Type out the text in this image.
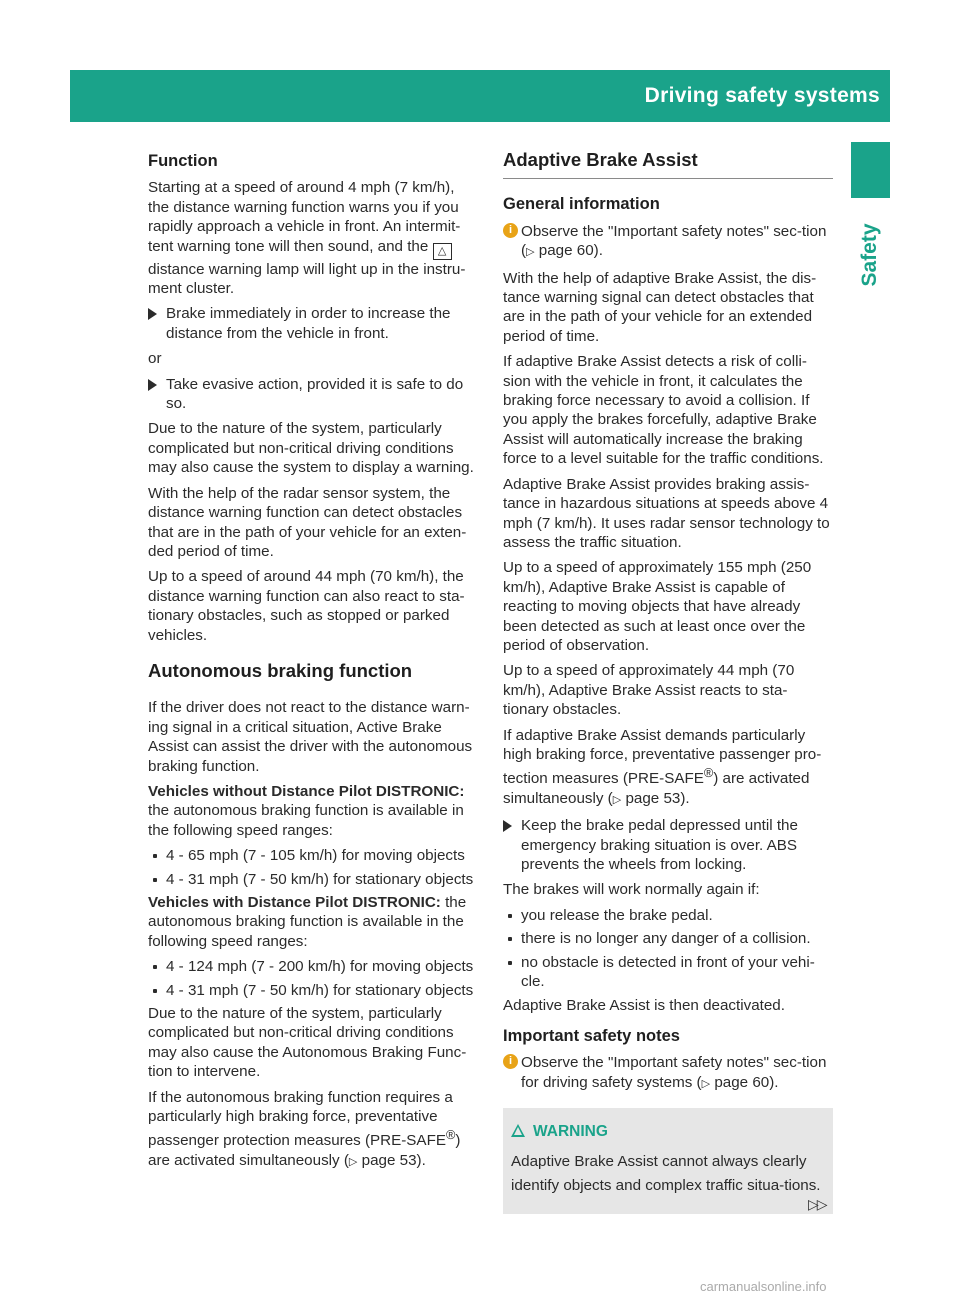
Driving safety systems	63
Safety
Function

Starting at a speed of around 4 mph (7 km/h), the distance warning function warns you if you rapidly approach a vehicle in front. An intermit-tent warning tone will then sound, and the △ distance warning lamp will light up in the instru-ment cluster.

Brake immediately in order to increase the distance from the vehicle in front.
or
Take evasive action, provided it is safe to do so.

Due to the nature of the system, particularly complicated but non-critical driving conditions may also cause the system to display a warning.

With the help of the radar sensor system, the distance warning function can detect obstacles that are in the path of your vehicle for an exten-ded period of time.

Up to a speed of around 44 mph (70 km/h), the distance warning function can also react to sta-tionary obstacles, such as stopped or parked vehicles.

Autonomous braking function

If the driver does not react to the distance warn-ing signal in a critical situation, Active Brake Assist can assist the driver with the autonomous braking function.

Vehicles without Distance Pilot DISTRONIC: the autonomous braking function is available in the following speed ranges:

4 - 65 mph (7 - 105 km/h) for moving objects
4 - 31 mph (7 - 50 km/h) for stationary objects

Vehicles with Distance Pilot DISTRONIC: the autonomous braking function is available in the following speed ranges:

4 - 124 mph (7 - 200 km/h) for moving objects
4 - 31 mph (7 - 50 km/h) for stationary objects

Due to the nature of the system, particularly complicated but non-critical driving conditions may also cause the Autonomous Braking Func-tion to intervene.

If the autonomous braking function requires a particularly high braking force, preventative passenger protection measures (PRE-SAFE®) are activated simultaneously (▷ page 53).

Adaptive Brake Assist
General information
i Observe the "Important safety notes" sec-tion (▷ page 60).

With the help of adaptive Brake Assist, the dis-tance warning signal can detect obstacles that are in the path of your vehicle for an extended period of time.

If adaptive Brake Assist detects a risk of colli-sion with the vehicle in front, it calculates the braking force necessary to avoid a collision. If you apply the brakes forcefully, adaptive Brake Assist will automatically increase the braking force to a level suitable for the traffic conditions.

Adaptive Brake Assist provides braking assis-tance in hazardous situations at speeds above 4 mph (7 km/h). It uses radar sensor technology to assess the traffic situation.

Up to a speed of approximately 155 mph (250 km/h), Adaptive Brake Assist is capable of reacting to moving objects that have already been detected as such at least once over the period of observation.

Up to a speed of approximately 44 mph (70 km/h), Adaptive Brake Assist reacts to sta-tionary obstacles.

If adaptive Brake Assist demands particularly high braking force, preventative passenger pro-tection measures (PRE-SAFE®) are activated simultaneously (▷ page 53).

Keep the brake pedal depressed until the emergency braking situation is over. ABS prevents the wheels from locking.

The brakes will work normally again if:

you release the brake pedal.
there is no longer any danger of a collision.
no obstacle is detected in front of your vehi-cle.

Adaptive Brake Assist is then deactivated.

Important safety notes
i Observe the "Important safety notes" sec-tion for driving safety systems (▷ page 60).
WARNING
Adaptive Brake Assist cannot always clearly identify objects and complex traffic situa-tions.
▷▷
carmanualsonline.info
